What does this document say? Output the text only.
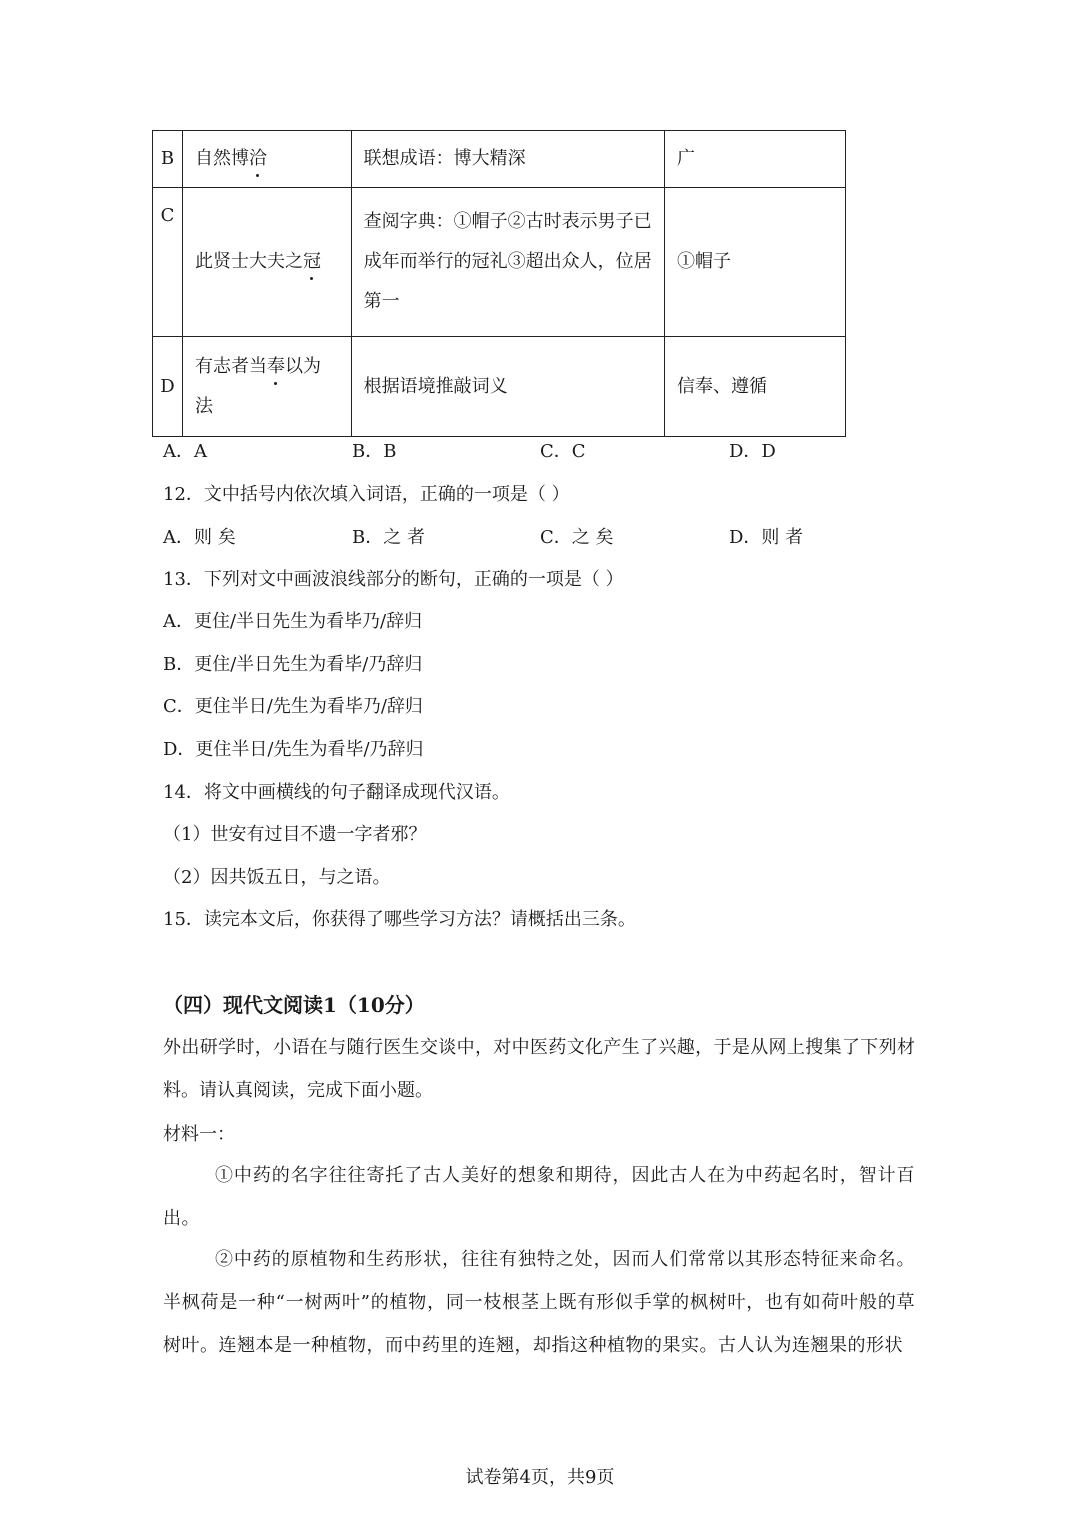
B	自然博洽	联想成语：博大精深	广
C	此贤士大夫之冠	查阅字典：①帽子②古时表示男子已成年而举行的冠礼③超出众人，位居第一	①帽子
D	有志者当奉以为法	根据语境推敲词义	信奉、遵循
A．A	B．B	C．C	D．D
12．文中括号内依次填入词语，正确的一项是（ ）
A．则 矣	B．之 者	C．之 矣	D．则 者
13．下列对文中画波浪线部分的断句，正确的一项是（ ）
A．更住/半日先生为看毕乃/辞归
B．更住/半日先生为看毕/乃辞归
C．更住半日/先生为看毕乃/辞归
D．更住半日/先生为看毕/乃辞归
14．将文中画横线的句子翻译成现代汉语。
（1）世安有过目不遗一字者邪？
（2）因共饭五日，与之语。
15．读完本文后，你获得了哪些学习方法？请概括出三条。
（四）现代文阅读1（10分）
外出研学时，小语在与随行医生交谈中，对中医药文化产生了兴趣，于是从网上搜集了下列材料。请认真阅读，完成下面小题。
材料一：
①中药的名字往往寄托了古人美好的想象和期待，因此古人在为中药起名时，智计百出。
②中药的原植物和生药形状，往往有独特之处，因而人们常常以其形态特征来命名。半枫荷是一种“一树两叶”的植物，同一枝根茎上既有形似手掌的枫树叶，也有如荷叶般的草树叶。连翘本是一种植物，而中药里的连翘，却指这种植物的果实。古人认为连翘果的形状
试卷第4页，共9页
